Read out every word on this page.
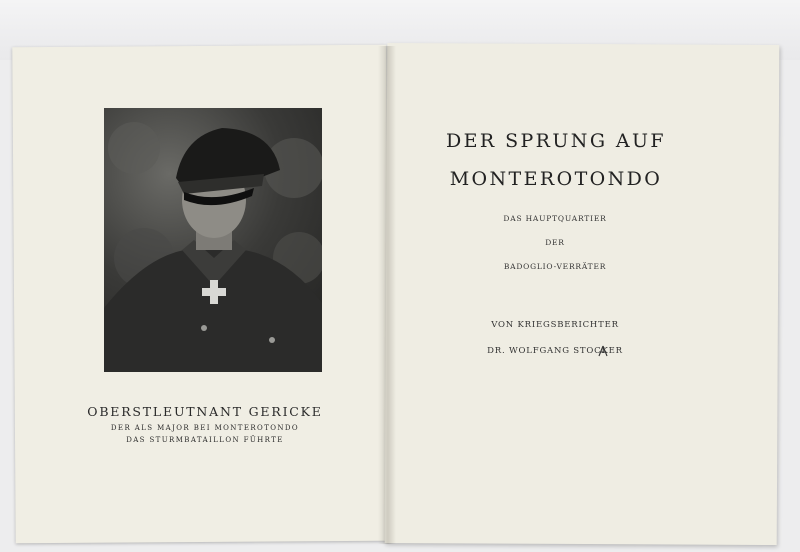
OBERSTLEUTNANT GERICKE
DER ALS MAJOR BEI MONTEROTONDO
DAS STURMBATAILLON FÜHRTE
DER SPRUNG AUF
MONTEROTONDO
DAS HAUPTQUARTIER
DER
BADOGLIO-VERRÄTER
VON KRIEGSBERICHTER
DR. WOLFGANG STOCKER
